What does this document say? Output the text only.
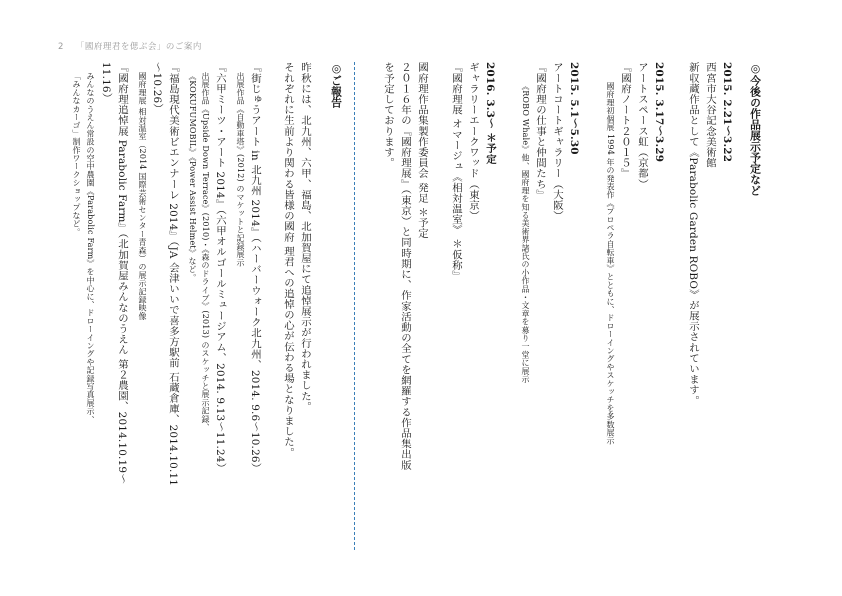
2 「國府理君を偲ぶ会」のご案内
◎今後の作品展示予定など
2015. 2.21～3.22
西宮市大谷記念美術館
新収蔵作品として《Parabolic Garden ROBO》が展示されています。
2015. 3.17～3.29
アートスペース虹（京都）
『國府ノート２０１５』
國府理初個展 1994 年の発表作《プロペラ自転車》とともに、ドローイングやスケッチを多数展示
2015. 5.1～5.30
アートコートギャラリー（大阪）
『國府理の仕事と仲間たち』
《ROBO Whale》他、國府理を知る美術界諸氏の小作品・文章を募り一堂に展示
2016. 3.3～ ＊予定
ギャラリーエークワッド（東京）
『國府理展 オマージュ《相対温室》 ＊仮称』
國府理作品集製作委員会 発足 ＊予定
２０１６年の『國府理展』（東京）と同時期に、作家活動の全てを網羅する作品集出版
を予定しております。
◎ご報告
昨秋には、北九州、六甲、福島、北加賀屋にて追悼展示が行われました。
それぞれに生前より関わる皆様の國府 理君への追悼の心が伝わる場となりました。
『街じゅうアート in 北九州 2014』（ハーバーウォーク北九州、2014. 9.6～10.26）
出展作品《自動車塔》(2012) のマケットと記録展示
『六甲ミーツ・アート 2014』（六甲オルゴールミュージアム、2014. 9.13～11.24）
出展作品《Upside Down Terrace》(2010)・《森のドライブ》(2013) のスケッチと展示記録、
《KOKUFUMOBIL》《Power Assist Helmet》など。
『福島現代美術ビエンナーレ 2014』（JA 会津いいで喜多方駅前 石蔵倉庫、2014.10.11
～10.26）
國府理展 相対温室（2014 国際芸術センター青森）の展示記録映像
『國府理追悼展 Parabolic Farm』（北加賀屋みんなのうえん 第２農園、2014.10.19～
11.16）
みんなのうえん常設の空中農園《Parabolic Farm》を中心に、ドローイングや記録写真展示、
「みんなカーゴ」制作ワークショップなど。
